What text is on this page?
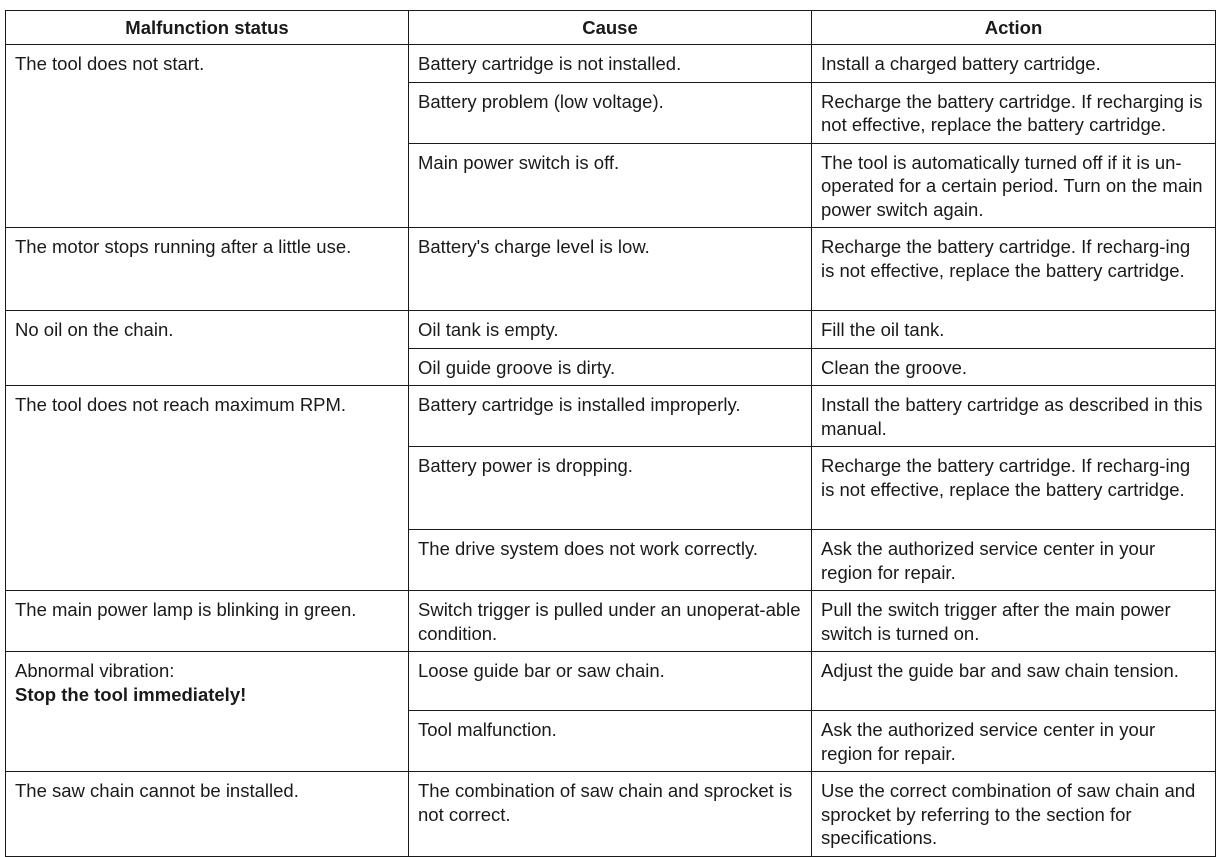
Malfunction status	Cause	Action

The tool does not start.	Battery cartridge is not installed.	Install a charged battery cartridge.
	Battery problem (low voltage).	Recharge the battery cartridge. If recharging is not effective, replace the battery cartridge.
	Main power switch is off.	The tool is automatically turned off if it is un-operated for a certain period. Turn on the main power switch again.
The motor stops running after a little use.	Battery's charge level is low.	Recharge the battery cartridge. If recharg-ing is not effective, replace the battery cartridge.
No oil on the chain.	Oil tank is empty.	Fill the oil tank.
	Oil guide groove is dirty.	Clean the groove.
The tool does not reach maximum RPM.	Battery cartridge is installed improperly.	Install the battery cartridge as described in this manual.
	Battery power is dropping.	Recharge the battery cartridge. If recharg-ing is not effective, replace the battery cartridge.
	The drive system does not work correctly.	Ask the authorized service center in your region for repair.
The main power lamp is blinking in green.	Switch trigger is pulled under an unoperat-able condition.	Pull the switch trigger after the main power switch is turned on.

Abnormal vibration:
Stop the tool immediately!	Loose guide bar or saw chain.	Adjust the guide bar and saw chain tension.
	Tool malfunction.	Ask the authorized service center in your region for repair.
The saw chain cannot be installed.	The combination of saw chain and sprocket is not correct.	Use the correct combination of saw chain and sprocket by referring to the section for specifications.
